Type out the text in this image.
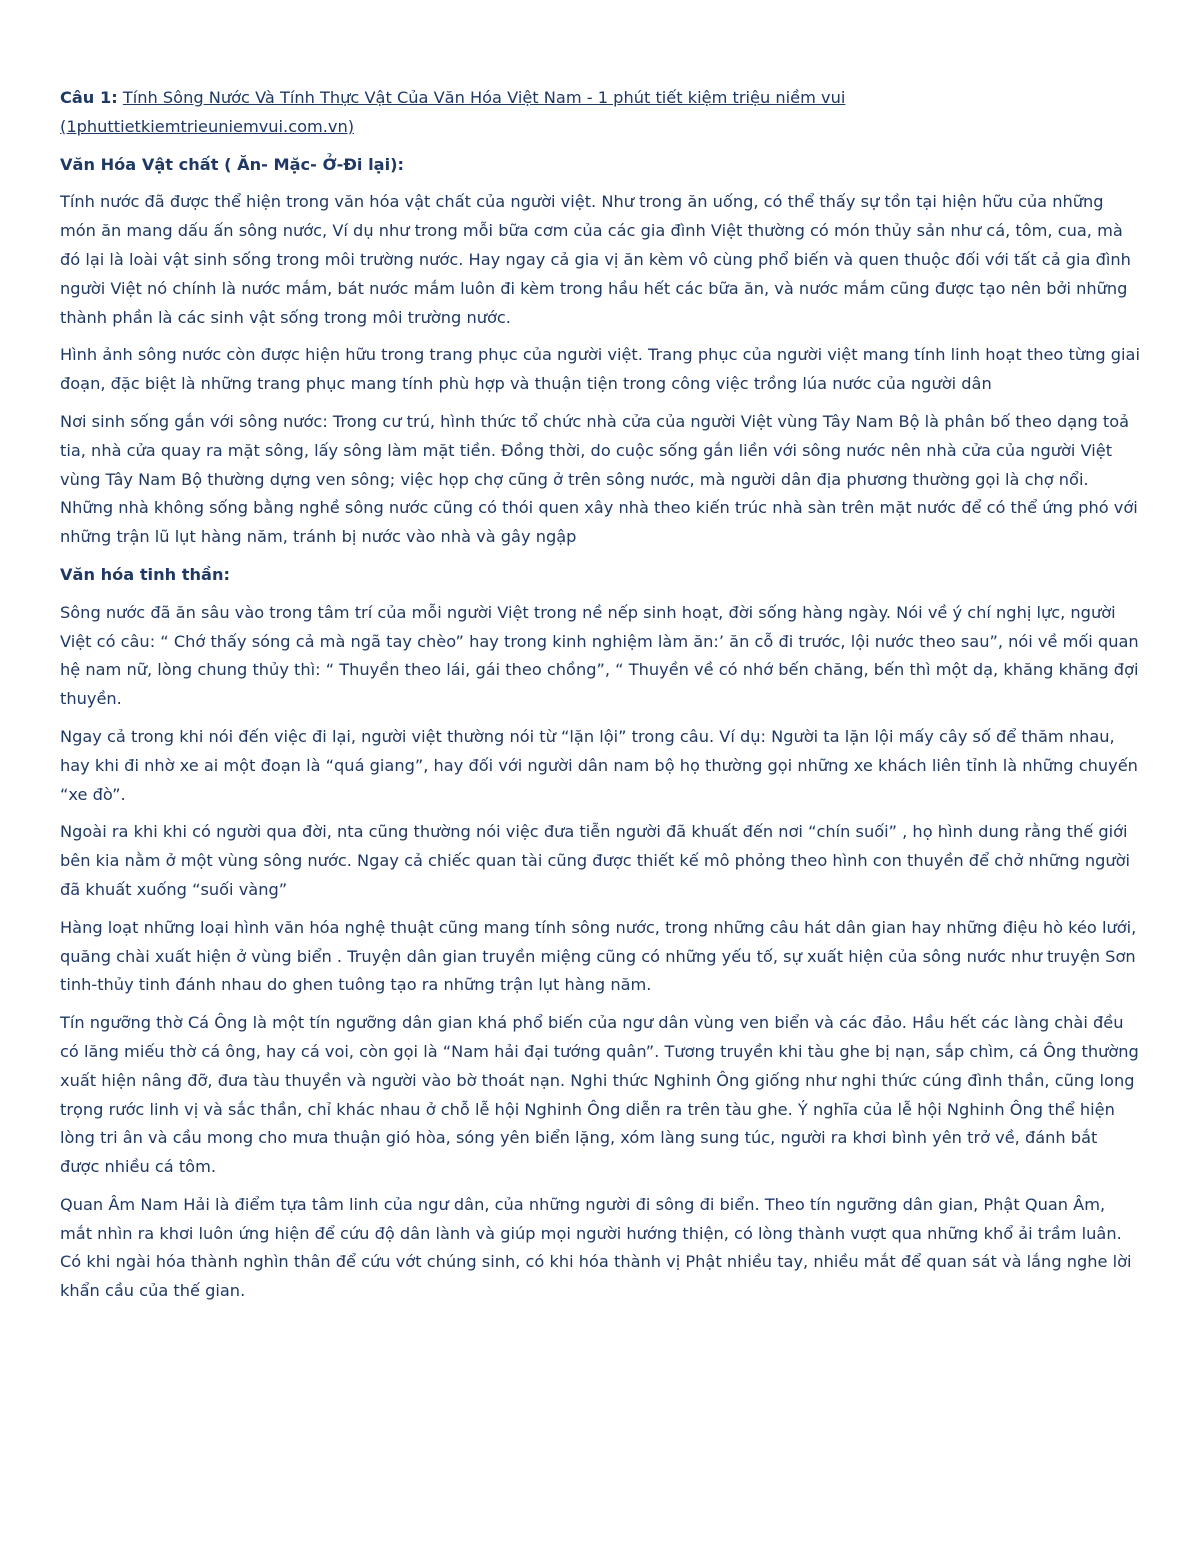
Câu 1: Tính Sông Nước Và Tính Thực Vật Của Văn Hóa Việt Nam - 1 phút tiết kiệm triệu niềm vui
(1phuttietkiemtrieuniemvui.com.vn)
Văn Hóa Vật chất ( Ăn- Mặc- Ở-Đi lại):

Tính nước đã được thể hiện trong văn hóa vật chất của người việt. Như trong ăn uống, có thể thấy sự tồn tại hiện hữu của những món ăn mang dấu ấn sông nước, Ví dụ như trong mỗi bữa cơm của các gia đình Việt thường có món thủy sản như cá, tôm, cua, mà đó lại là loài vật sinh sống trong môi trường nước. Hay ngay cả gia vị ăn kèm vô cùng phổ biến và quen thuộc đối với tất cả gia đình người Việt nó chính là nước mắm, bát nước mắm luôn đi kèm trong hầu hết các bữa ăn, và nước mắm cũng được tạo nên bởi những thành phần là các sinh vật sống trong môi trường nước.

Hình ảnh sông nước còn được hiện hữu trong trang phục của người việt. Trang phục của người việt mang tính linh hoạt theo từng giai đoạn, đặc biệt là những trang phục mang tính phù hợp và thuận tiện trong công việc trồng lúa nước của người dân

Nơi sinh sống gắn với sông nước: Trong cư trú, hình thức tổ chức nhà cửa của người Việt vùng Tây Nam Bộ là phân bố theo dạng toả tia, nhà cửa quay ra mặt sông, lấy sông làm mặt tiền. Đồng thời, do cuộc sống gắn liền với sông nước nên nhà cửa của người Việt vùng Tây Nam Bộ thường dựng ven sông; việc họp chợ cũng ở trên sông nước, mà người dân địa phương thường gọi là chợ nổi. Những nhà không sống bằng nghề sông nước cũng có thói quen xây nhà theo kiến trúc nhà sàn trên mặt nước để có thể ứng phó với những trận lũ lụt hàng năm, tránh bị nước vào nhà và gây ngập

Văn hóa tinh thần:

Sông nước đã ăn sâu vào trong tâm trí của mỗi người Việt trong nề nếp sinh hoạt, đời sống hàng ngày. Nói về ý chí nghị lực, người Việt có câu: “ Chớ thấy sóng cả mà ngã tay chèo” hay trong kinh nghiệm làm ăn:’ ăn cỗ đi trước, lội nước theo sau”, nói về mối quan hệ nam nữ, lòng chung thủy thì: “ Thuyền theo lái, gái theo chồng”, “ Thuyền về có nhớ bến chăng, bến thì một dạ, khăng khăng đợi thuyền.

Ngay cả trong khi nói đến việc đi lại, người việt thường nói từ “lặn lội” trong câu. Ví dụ: Người ta lặn lội mấy cây số để thăm nhau, hay khi đi nhờ xe ai một đoạn là “quá giang”, hay đối với người dân nam bộ họ thường gọi những xe khách liên tỉnh là những chuyến “xe đò”.

Ngoài ra khi khi có người qua đời, nta cũng thường nói việc đưa tiễn người đã khuất đến nơi “chín suối” , họ hình dung rằng thế giới bên kia nằm ở một vùng sông nước. Ngay cả chiếc quan tài cũng được thiết kế mô phỏng theo hình con thuyền để chở những người đã khuất xuống “suối vàng”

Hàng loạt những loại hình văn hóa nghệ thuật cũng mang tính sông nước, trong những câu hát dân gian hay những điệu hò kéo lưới, quăng chài xuất hiện ở vùng biển . Truyện dân gian truyền miệng cũng có những yếu tố, sự xuất hiện của sông nước như truyện Sơn tinh-thủy tinh đánh nhau do ghen tuông tạo ra những trận lụt hàng năm.

Tín ngưỡng thờ Cá Ông là một tín ngưỡng dân gian khá phổ biến của ngư dân vùng ven biển và các đảo. Hầu hết các làng chài đều có lăng miếu thờ cá ông, hay cá voi, còn gọi là “Nam hải đại tướng quân”. Tương truyền khi tàu ghe bị nạn, sắp chìm, cá Ông thường xuất hiện nâng đỡ, đưa tàu thuyền và người vào bờ thoát nạn. Nghi thức Nghinh Ông giống như nghi thức cúng đình thần, cũng long trọng rước linh vị và sắc thần, chỉ khác nhau ở chỗ lễ hội Nghinh Ông diễn ra trên tàu ghe. Ý nghĩa của lễ hội Nghinh Ông thể hiện lòng tri ân và cầu mong cho mưa thuận gió hòa, sóng yên biển lặng, xóm làng sung túc, người ra khơi bình yên trở về, đánh bắt được nhiều cá tôm.

Quan Âm Nam Hải là điểm tựa tâm linh của ngư dân, của những người đi sông đi biển. Theo tín ngưỡng dân gian, Phật Quan Âm, mắt nhìn ra khơi luôn ứng hiện để cứu độ dân lành và giúp mọi người hướng thiện, có lòng thành vượt qua những khổ ải trầm luân. Có khi ngài hóa thành nghìn thân để cứu vớt chúng sinh, có khi hóa thành vị Phật nhiều tay, nhiều mắt để quan sát và lắng nghe lời khẩn cầu của thế gian.
